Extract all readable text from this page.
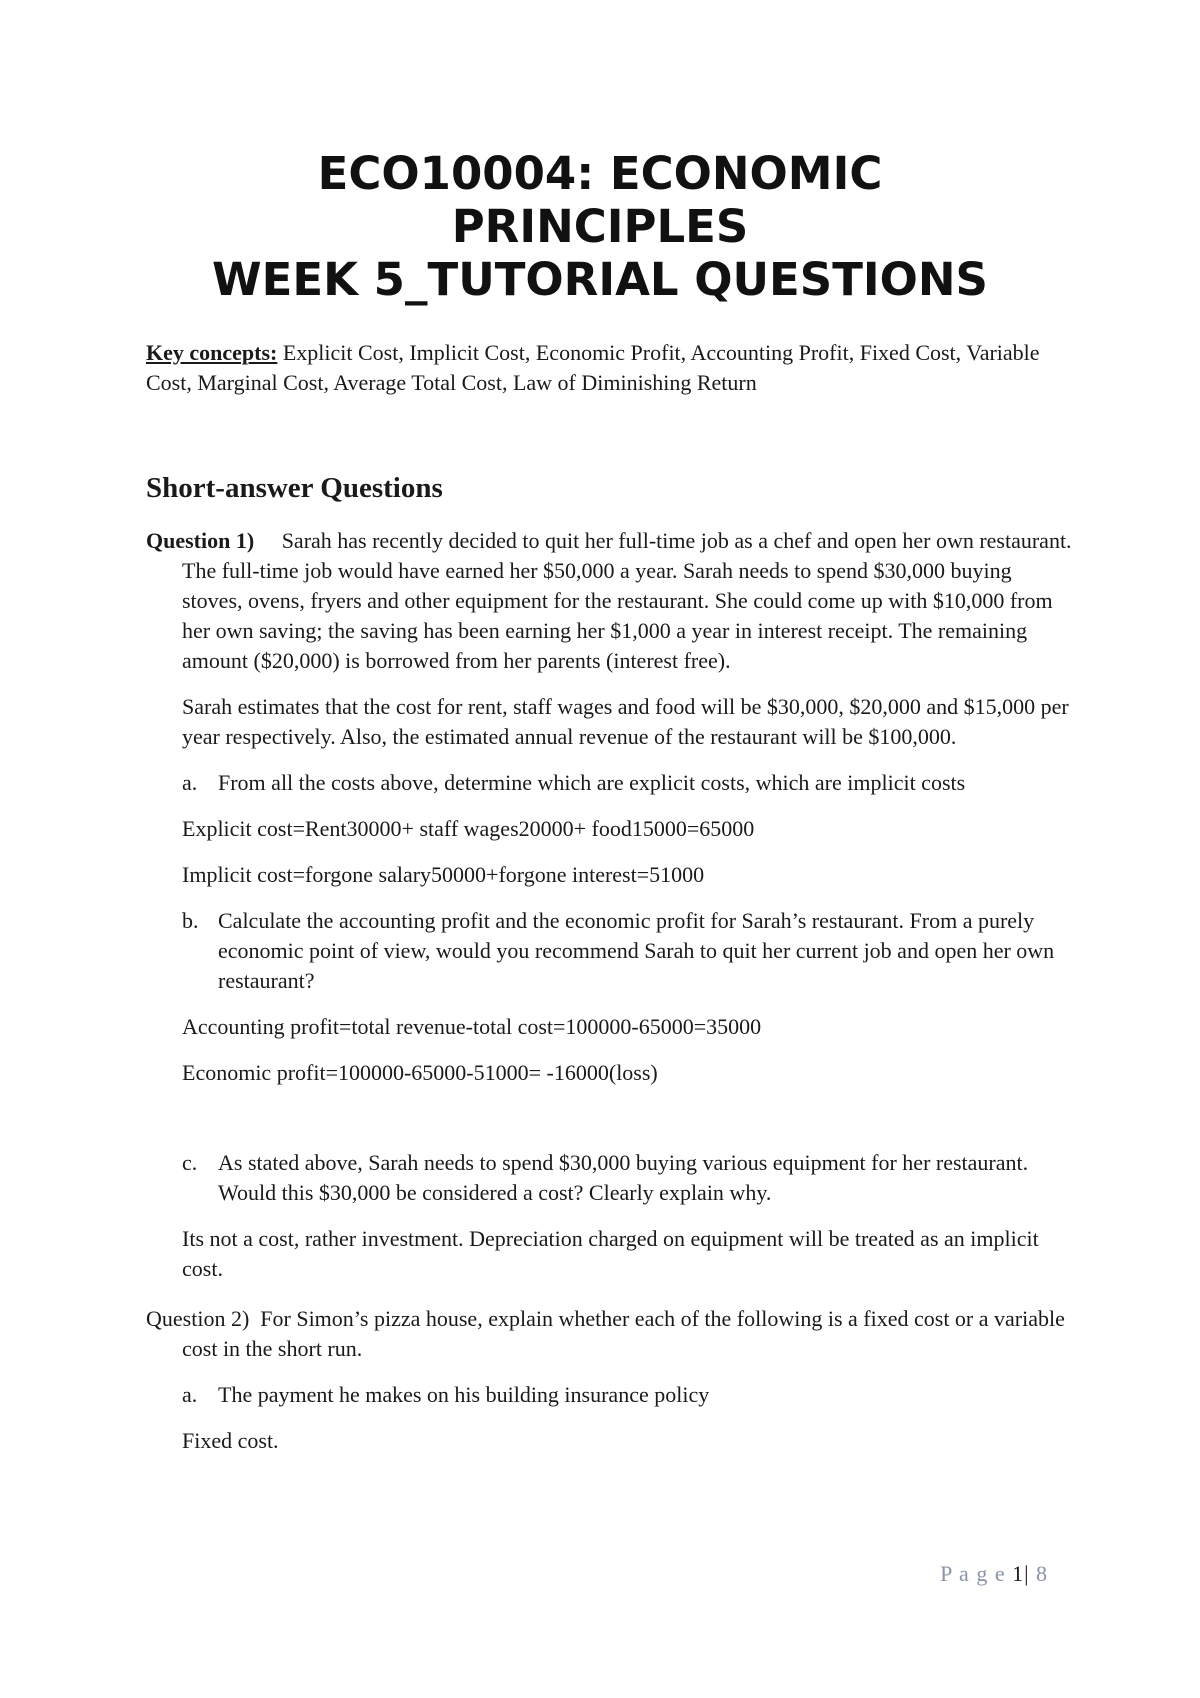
ECO10004: ECONOMIC
PRINCIPLES
WEEK 5_TUTORIAL QUESTIONS

Key concepts: Explicit Cost, Implicit Cost, Economic Profit, Accounting Profit, Fixed Cost, Variable Cost, Marginal Cost, Average Total Cost, Law of Diminishing Return

Short-answer Questions

Question 1) Sarah has recently decided to quit her full-time job as a chef and open her own restaurant. The full-time job would have earned her $50,000 a year. Sarah needs to spend $30,000 buying stoves, ovens, fryers and other equipment for the restaurant. She could come up with $10,000 from her own saving; the saving has been earning her $1,000 a year in interest receipt. The remaining amount ($20,000) is borrowed from her parents (interest free).

Sarah estimates that the cost for rent, staff wages and food will be $30,000, $20,000 and $15,000 per year respectively. Also, the estimated annual revenue of the restaurant will be $100,000.

a. From all the costs above, determine which are explicit costs, which are implicit costs

Explicit cost=Rent30000+ staff wages20000+ food15000=65000

Implicit cost=forgone salary50000+forgone interest=51000

b. Calculate the accounting profit and the economic profit for Sarah’s restaurant. From a purely economic point of view, would you recommend Sarah to quit her current job and open her own restaurant?

Accounting profit=total revenue-total cost=100000-65000=35000

Economic profit=100000-65000-51000= -16000(loss)

c. As stated above, Sarah needs to spend $30,000 buying various equipment for her restaurant. Would this $30,000 be considered a cost? Clearly explain why.

Its not a cost, rather investment. Depreciation charged on equipment will be treated as an implicit cost.

Question 2) For Simon’s pizza house, explain whether each of the following is a fixed cost or a variable cost in the short run.

a. The payment he makes on his building insurance policy

Fixed cost.

P a g e 1| 8
